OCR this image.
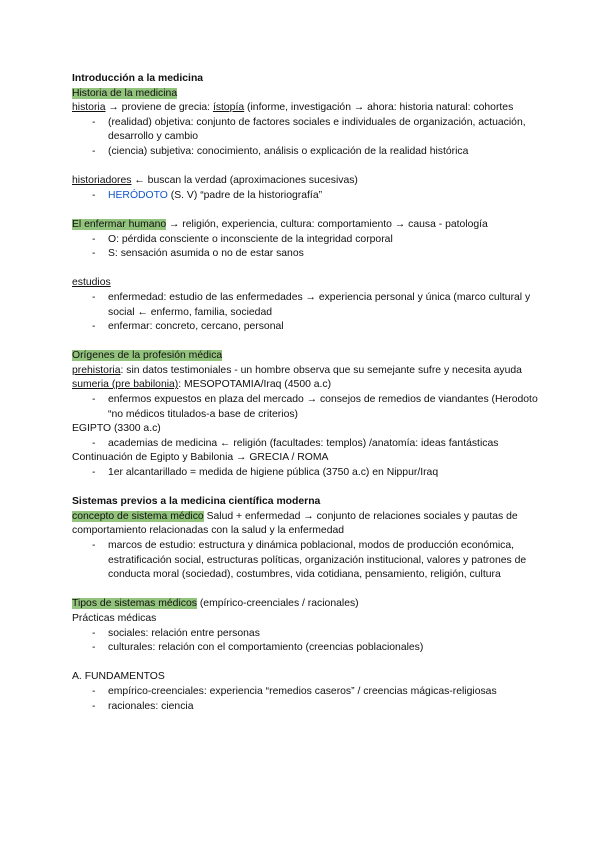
Introducción a la medicina
Historia de la medicina
historia → proviene de grecia: ístopía (informe, investigación → ahora: historia natural: cohortes
- (realidad) objetiva: conjunto de factores sociales e individuales de organización, actuación, desarrollo y cambio
- (ciencia) subjetiva: conocimiento, análisis o explicación de la realidad histórica
historiadores ← buscan la verdad (aproximaciones sucesivas)
- HERÓDOTO (S. V) “padre de la historiografía”
El enfermar humano → religión, experiencia, cultura: comportamiento → causa - patología
- O: pérdida consciente o inconsciente de la integridad corporal
- S: sensación asumida o no de estar sanos
estudios
- enfermedad: estudio de las enfermedades → experiencia personal y única (marco cultural y social ← enfermo, familia, sociedad
- enfermar: concreto, cercano, personal
Orígenes de la profesión médica
prehistoria: sin datos testimoniales - un hombre observa que su semejante sufre y necesita ayuda
sumeria (pre babilonia): MESOPOTAMIA/Iraq (4500 a.c)
- enfermos expuestos en plaza del mercado → consejos de remedios de viandantes (Herodoto “no médicos titulados-a base de criterios)
EGIPTO (3300 a.c)
- academias de medicina ← religión (facultades: templos) /anatomía: ideas fantásticas
Continuación de Egipto y Babilonia → GRECIA / ROMA
- 1er alcantarillado = medida de higiene pública (3750 a.c) en Nippur/Iraq
Sistemas previos a la medicina científica moderna
concepto de sistema médico Salud + enfermedad → conjunto de relaciones sociales y pautas de comportamiento relacionadas con la salud y la enfermedad
- marcos de estudio: estructura y dinámica poblacional, modos de producción económica, estratificación social, estructuras políticas, organización institucional, valores y patrones de conducta moral (sociedad), costumbres, vida cotidiana, pensamiento, religión, cultura
Tipos de sistemas médicos (empírico-creenciales / racionales)
Prácticas médicas
- sociales: relación entre personas
- culturales: relación con el comportamiento (creencias poblacionales)
A. FUNDAMENTOS
- empírico-creenciales: experiencia “remedios caseros” / creencias mágicas-religiosas
- racionales: ciencia
